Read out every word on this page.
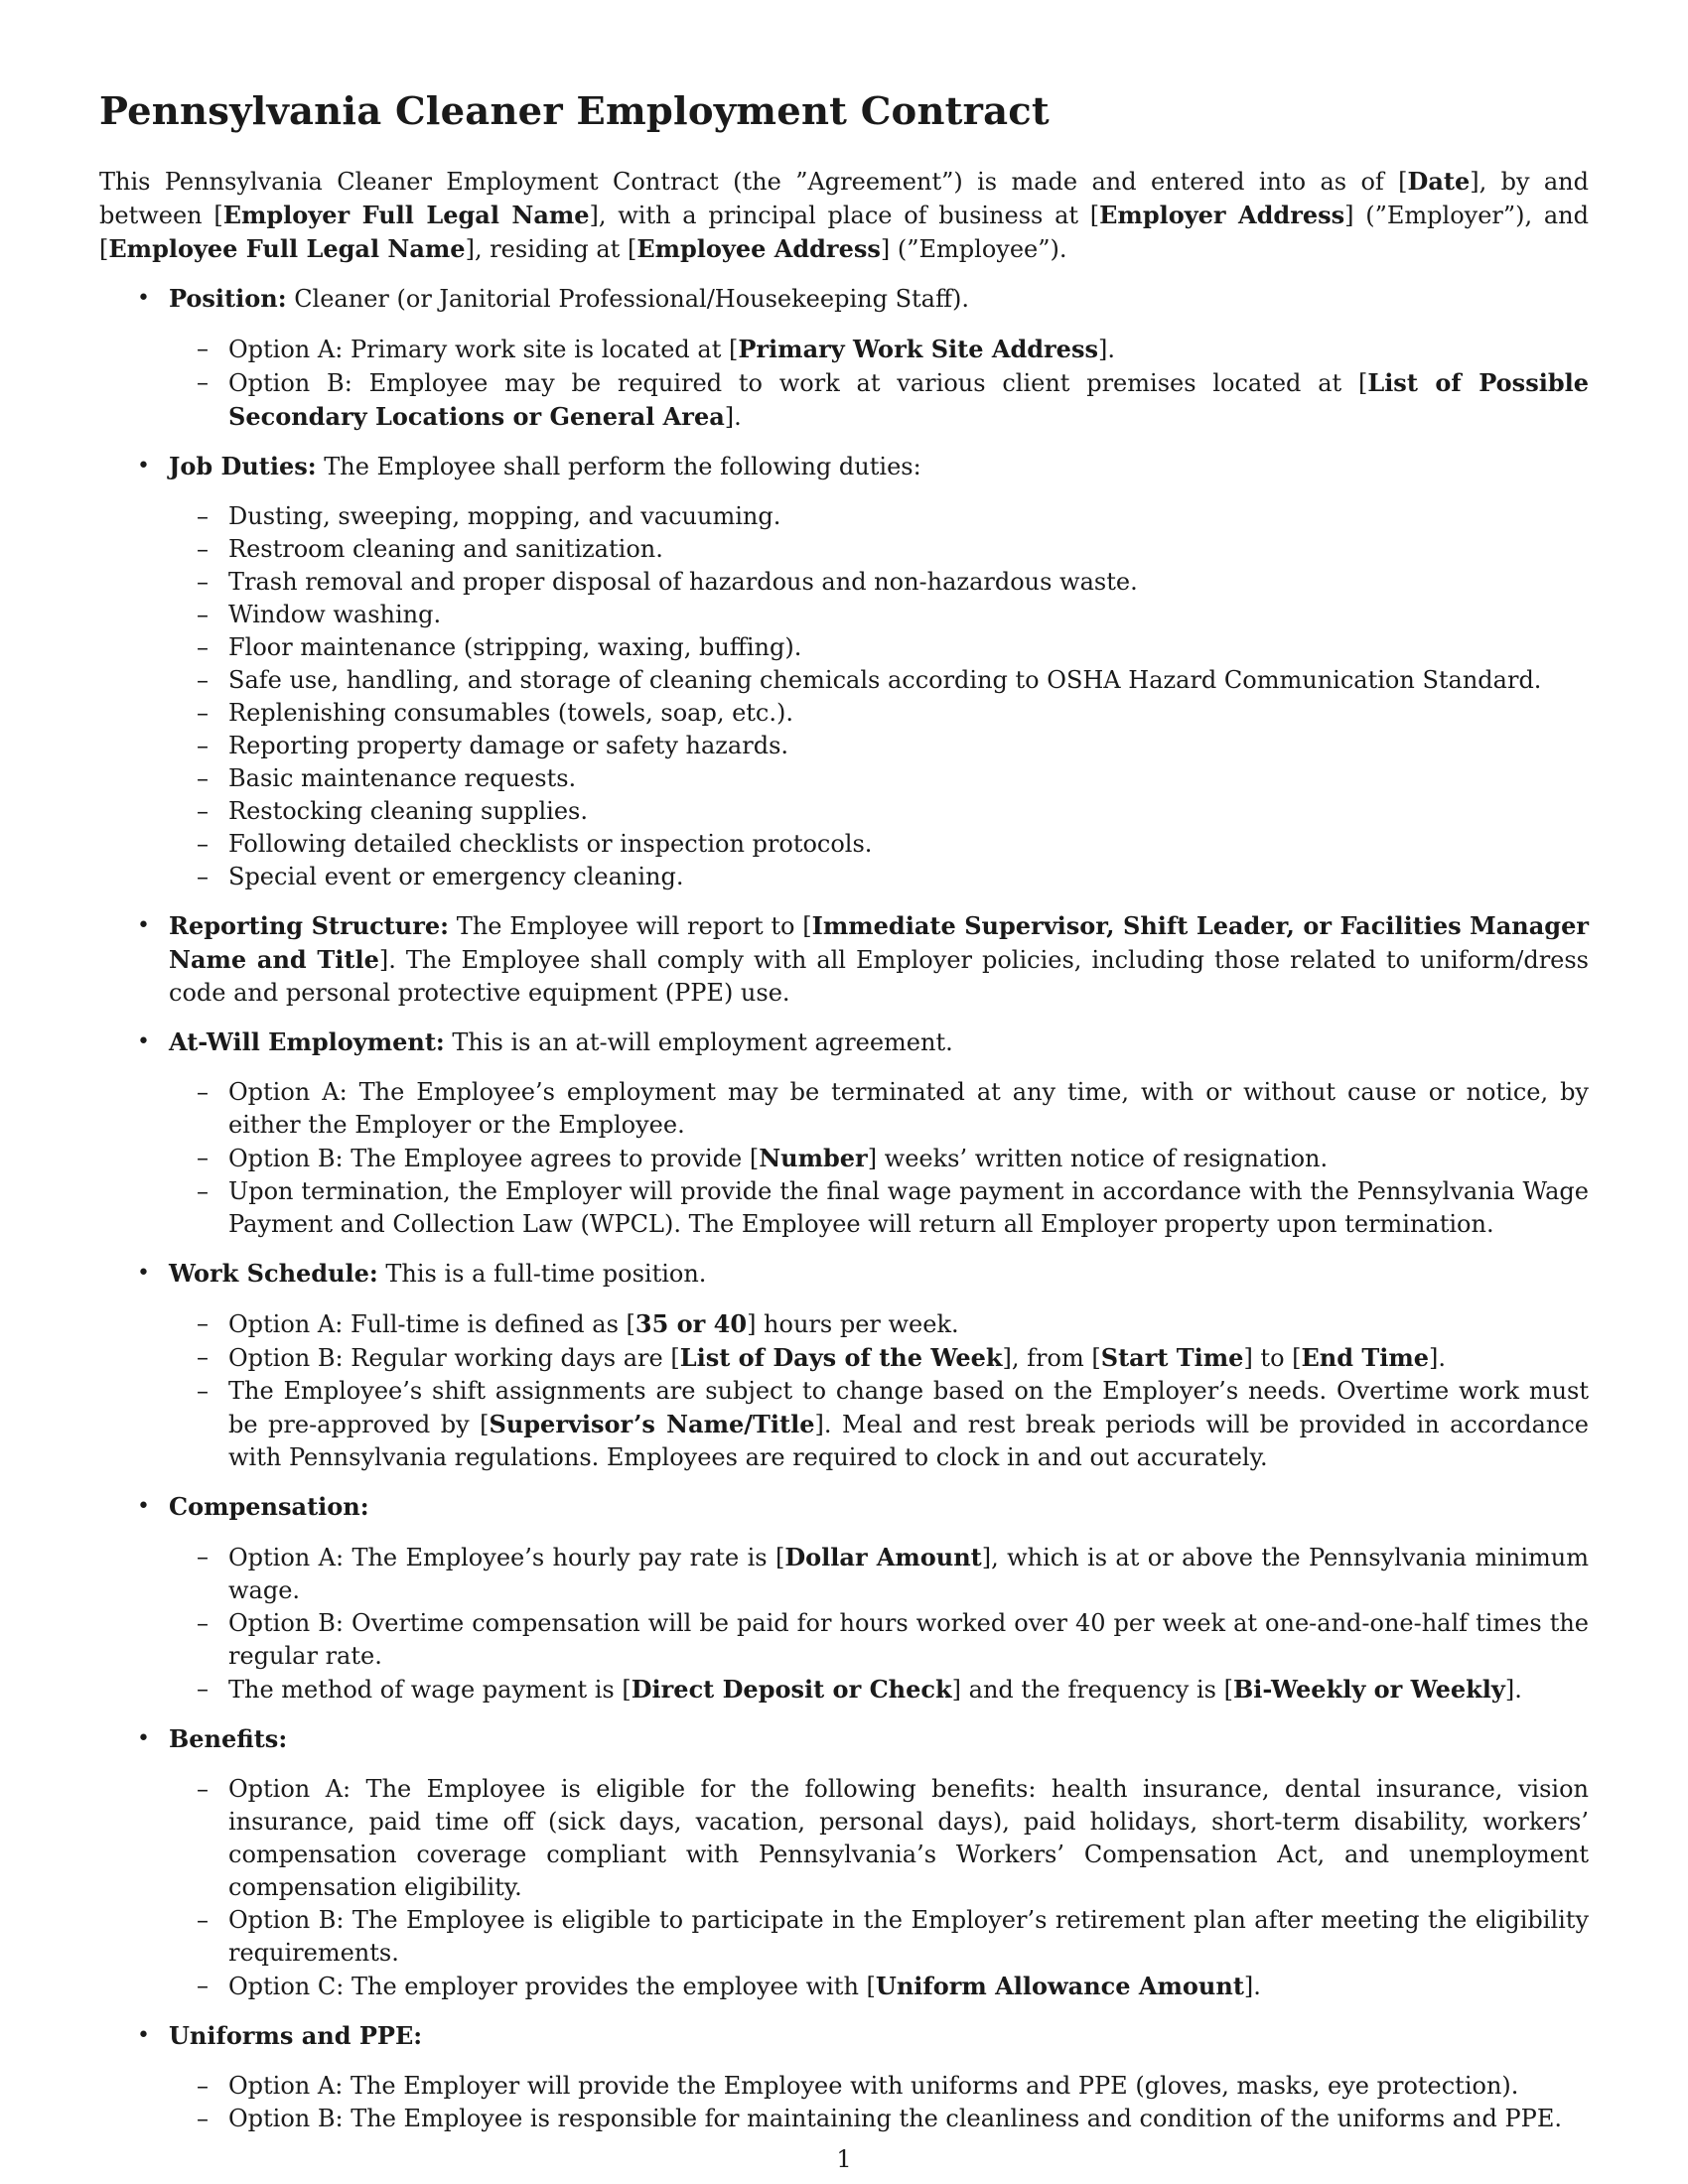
Pennsylvania Cleaner Employment Contract

This Pennsylvania Cleaner Employment Contract (the ”Agreement”) is made and entered into as of [Date], by and between [Employer Full Legal Name], with a principal place of business at [Employer Address] (”Employer”), and [Employee Full Legal Name], residing at [Employee Address] (”Employee”).

• Position: Cleaner (or Janitorial Professional/Housekeeping Staff).
– Option A: Primary work site is located at [Primary Work Site Address].
– Option B: Employee may be required to work at various client premises located at [List of Possible Secondary Locations or General Area].
• Job Duties: The Employee shall perform the following duties:
– Dusting, sweeping, mopping, and vacuuming.
– Restroom cleaning and sanitization.
– Trash removal and proper disposal of hazardous and non-hazardous waste.
– Window washing.
– Floor maintenance (stripping, waxing, buffing).
– Safe use, handling, and storage of cleaning chemicals according to OSHA Hazard Communication Standard.
– Replenishing consumables (towels, soap, etc.).
– Reporting property damage or safety hazards.
– Basic maintenance requests.
– Restocking cleaning supplies.
– Following detailed checklists or inspection protocols.
– Special event or emergency cleaning.
• Reporting Structure: The Employee will report to [Immediate Supervisor, Shift Leader, or Facilities Manager Name and Title]. The Employee shall comply with all Employer policies, including those related to uniform/dress code and personal protective equipment (PPE) use.
• At-Will Employment: This is an at-will employment agreement.
– Option A: The Employee’s employment may be terminated at any time, with or without cause or notice, by either the Employer or the Employee.
– Option B: The Employee agrees to provide [Number] weeks’ written notice of resignation.
– Upon termination, the Employer will provide the final wage payment in accordance with the Pennsylvania Wage Payment and Collection Law (WPCL). The Employee will return all Employer property upon termination.
• Work Schedule: This is a full-time position.
– Option A: Full-time is defined as [35 or 40] hours per week.
– Option B: Regular working days are [List of Days of the Week], from [Start Time] to [End Time].
– The Employee’s shift assignments are subject to change based on the Employer’s needs. Overtime work must be pre-approved by [Supervisor’s Name/Title]. Meal and rest break periods will be provided in accordance with Pennsylvania regulations. Employees are required to clock in and out accurately.
• Compensation:
– Option A: The Employee’s hourly pay rate is [Dollar Amount], which is at or above the Pennsylvania minimum wage.
– Option B: Overtime compensation will be paid for hours worked over 40 per week at one-and-one-half times the regular rate.
– The method of wage payment is [Direct Deposit or Check] and the frequency is [Bi-Weekly or Weekly].
• Benefits:
– Option A: The Employee is eligible for the following benefits: health insurance, dental insurance, vision insurance, paid time off (sick days, vacation, personal days), paid holidays, short-term disability, workers’ compensation coverage compliant with Pennsylvania’s Workers’ Compensation Act, and unemployment compensation eligibility.
– Option B: The Employee is eligible to participate in the Employer’s retirement plan after meeting the eligibility requirements.
– Option C: The employer provides the employee with [Uniform Allowance Amount].
• Uniforms and PPE:
– Option A: The Employer will provide the Employee with uniforms and PPE (gloves, masks, eye protection).
– Option B: The Employee is responsible for maintaining the cleanliness and condition of the uniforms and PPE.
1
